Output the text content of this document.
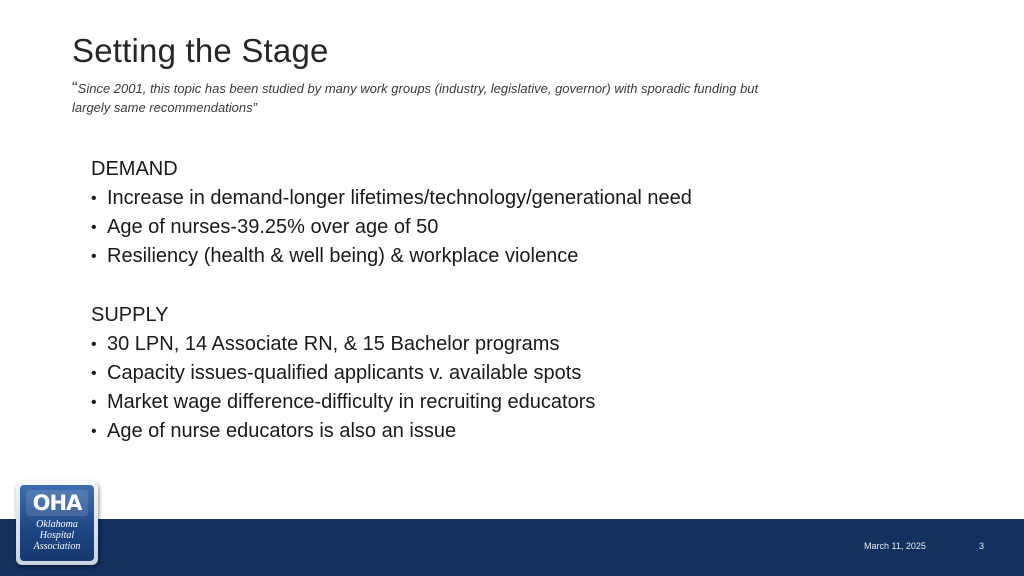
Setting the Stage
“Since 2001, this topic has been studied by many work groups (industry, legislative, governor) with sporadic funding but largely same recommendations”
DEMAND
• Increase in demand-longer lifetimes/technology/generational need
• Age of nurses-39.25% over age of 50
• Resiliency (health & well being) & workplace violence
SUPPLY
• 30 LPN, 14 Associate RN, & 15 Bachelor programs
• Capacity issues-qualified applicants v. available spots
• Market wage difference-difficulty in recruiting educators
• Age of nurse educators is also an issue
March 11, 2025	3
OHA
Oklahoma
Hospital
Association
